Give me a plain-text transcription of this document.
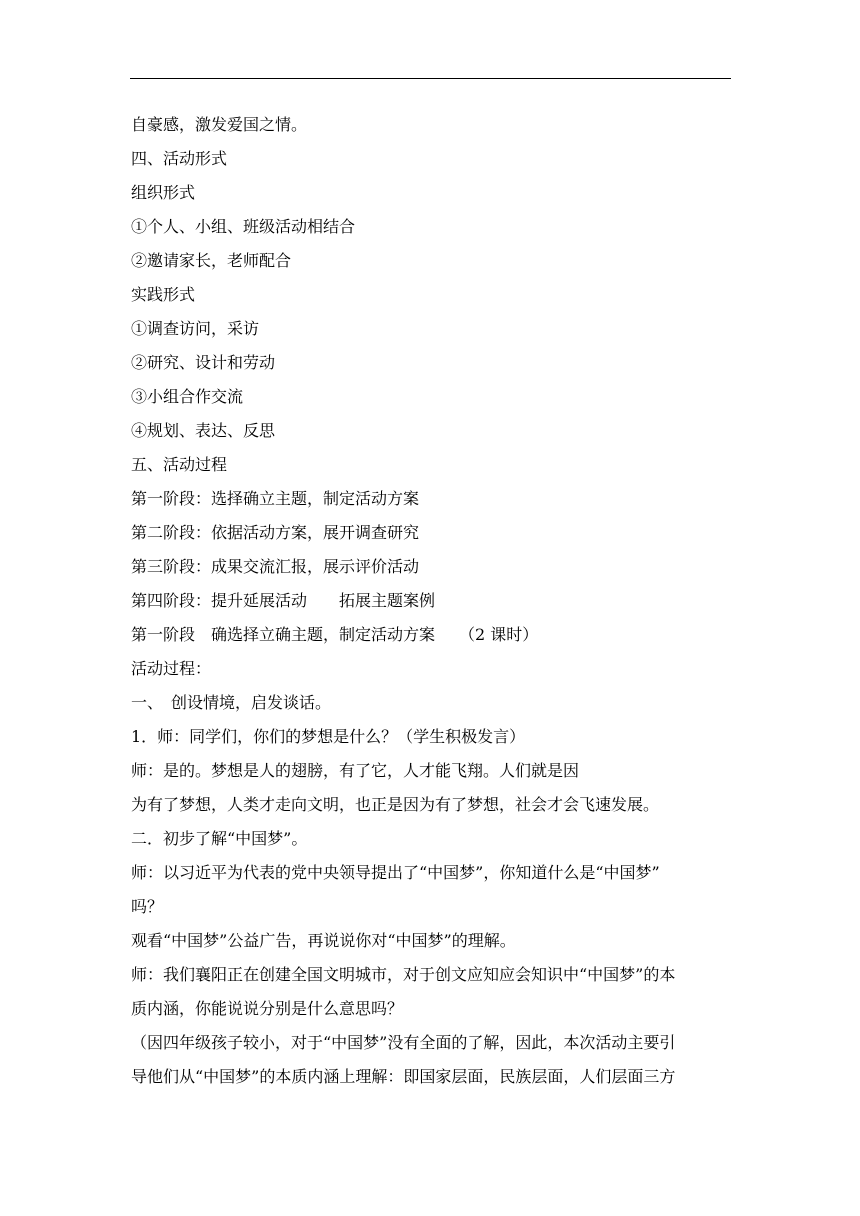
自豪感，激发爱国之情。
四、活动形式
组织形式
①个人、小组、班级活动相结合
②邀请家长，老师配合
实践形式
①调查访问，采访
②研究、设计和劳动
③小组合作交流
④规划、表达、反思
五、活动过程
第一阶段：选择确立主题，制定活动方案
第二阶段：依据活动方案，展开调查研究
第三阶段：成果交流汇报，展示评价活动
第四阶段：提升延展活动　　拓展主题案例
第一阶段　确选择立确主题，制定活动方案　　（2 课时）
活动过程：
一、　创设情境，启发谈话。
1．师：同学们，你们的梦想是什么？（学生积极发言）
师：是的。梦想是人的翅膀，有了它，人才能飞翔。人们就是因
为有了梦想，人类才走向文明，也正是因为有了梦想，社会才会飞速发展。
二．初步了解“中国梦”。
师：以习近平为代表的党中央领导提出了“中国梦”，你知道什么是“中国梦”
吗？
观看“中国梦”公益广告，再说说你对“中国梦”的理解。
师：我们襄阳正在创建全国文明城市，对于创文应知应会知识中“中国梦”的本
质内涵，你能说说分别是什么意思吗？
（因四年级孩子较小，对于“中国梦”没有全面的了解，因此，本次活动主要引
导他们从“中国梦”的本质内涵上理解：即国家层面，民族层面，人们层面三方
